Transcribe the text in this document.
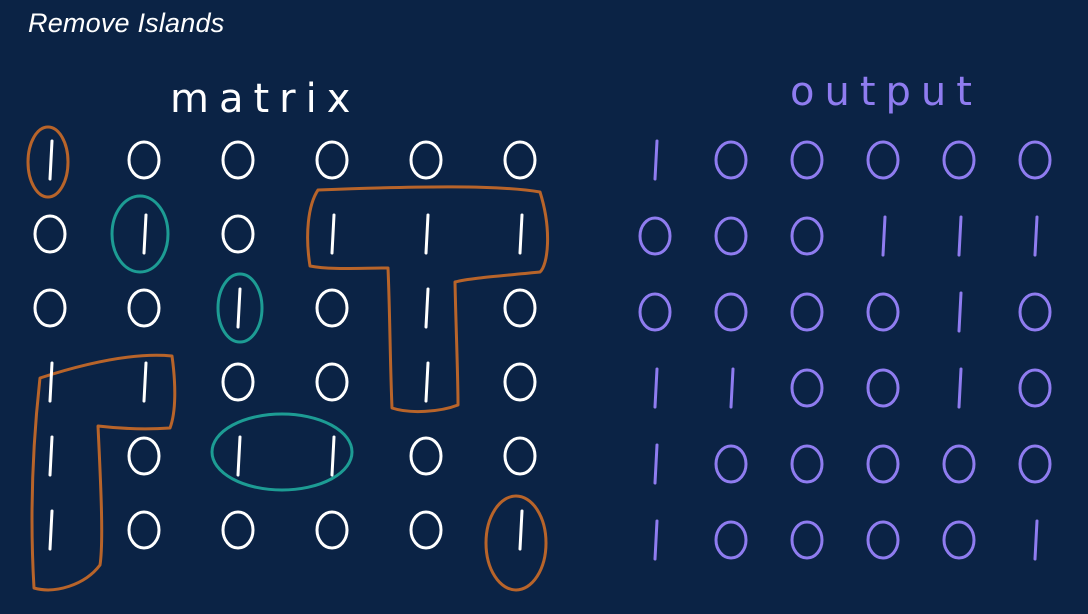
Remove Islands
matrix	output
